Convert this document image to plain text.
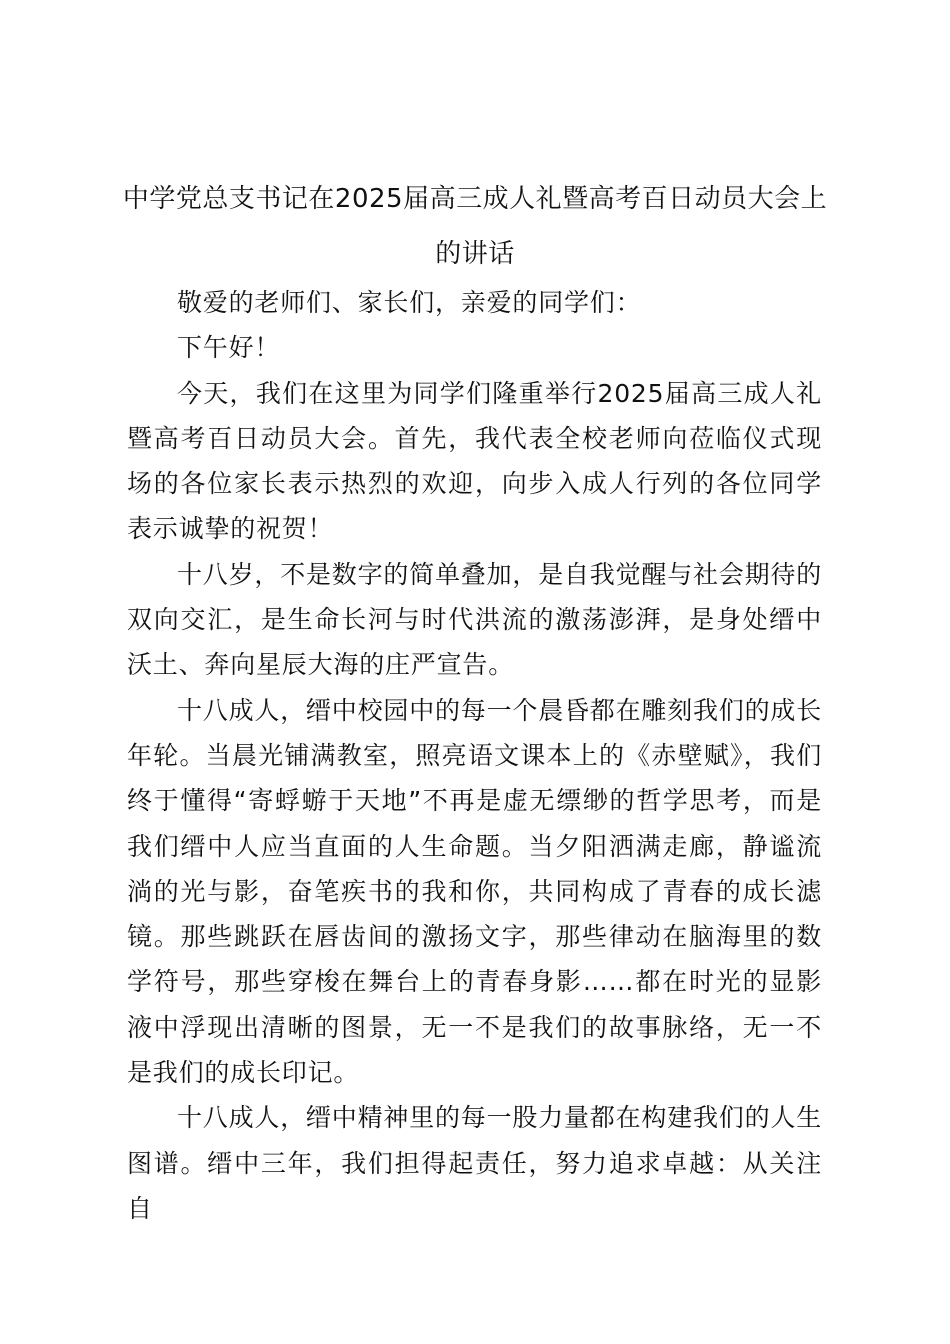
中学党总支书记在2025届高三成人礼暨高考百日动员大会上的讲话

敬爱的老师们、家长们，亲爱的同学们：

下午好！

今天，我们在这里为同学们隆重举行2025届高三成人礼暨高考百日动员大会。首先，我代表全校老师向莅临仪式现场的各位家长表示热烈的欢迎，向步入成人行列的各位同学表示诚挚的祝贺！

十八岁，不是数字的简单叠加，是自我觉醒与社会期待的双向交汇，是生命长河与时代洪流的激荡澎湃，是身处缙中沃土、奔向星辰大海的庄严宣告。

十八成人，缙中校园中的每一个晨昏都在雕刻我们的成长年轮。当晨光铺满教室，照亮语文课本上的《赤壁赋》，我们终于懂得“寄蜉蝣于天地”不再是虚无缥缈的哲学思考，而是我们缙中人应当直面的人生命题。当夕阳洒满走廊，静谧流淌的光与影，奋笔疾书的我和你，共同构成了青春的成长滤镜。那些跳跃在唇齿间的激扬文字，那些律动在脑海里的数学符号，那些穿梭在舞台上的青春身影……都在时光的显影液中浮现出清晰的图景，无一不是我们的故事脉络，无一不是我们的成长印记。

十八成人，缙中精神里的每一股力量都在构建我们的人生图谱。缙中三年，我们担得起责任，努力追求卓越：从关注自
